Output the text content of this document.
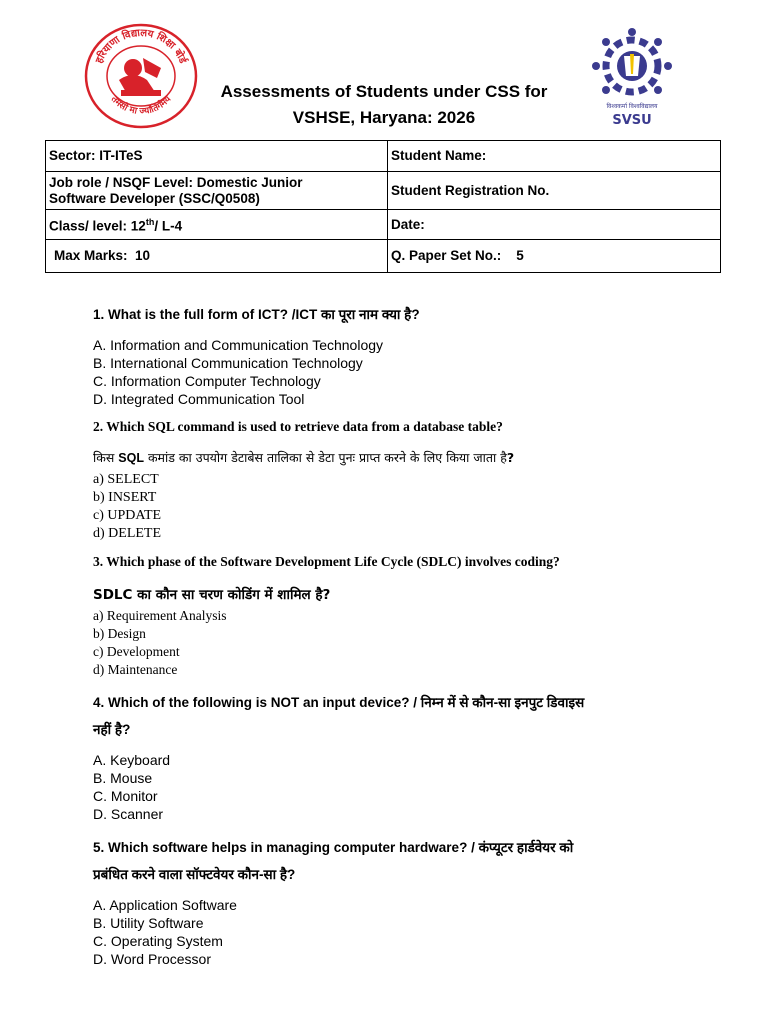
हरियाणा विद्यालय शिक्षा बोर्ड
तमसो मा ज्योतिर्गमय
विश्वकर्मा विश्वविद्यालय
SVSU
Assessments of Students under CSS for
VSHSE, Haryana: 2026
Sector: IT-ITeS	Student Name:

Job role / NSQF Level: Domestic Junior
Software Developer (SSC/Q0508)	Student Registration No.
Class/ level: 12th/ L-4	Date:
Max Marks:  10	Q. Paper Set No.:    5
1. What is the full form of ICT? /ICT का पूरा नाम क्या है?
A. Information and Communication Technology
B. International Communication Technology
C. Information Computer Technology
D. Integrated Communication Tool
2. Which SQL command is used to retrieve data from a database table?
किस SQL कमांड का उपयोग डेटाबेस तालिका से डेटा पुनः प्राप्त करने के लिए किया जाता है?
a) SELECT
b) INSERT
c) UPDATE
d) DELETE
3. Which phase of the Software Development Life Cycle (SDLC) involves coding?
SDLC का कौन सा चरण कोडिंग में शामिल है?
a) Requirement Analysis
b) Design
c) Development
d) Maintenance
4. Which of the following is NOT an input device? / निम्न में से कौन-सा इनपुट डिवाइस
नहीं है?
A. Keyboard
B. Mouse
C. Monitor
D. Scanner
5. Which software helps in managing computer hardware? / कंप्यूटर हार्डवेयर को
प्रबंधित करने वाला सॉफ्टवेयर कौन-सा है?
A. Application Software
B. Utility Software
C. Operating System
D. Word Processor
